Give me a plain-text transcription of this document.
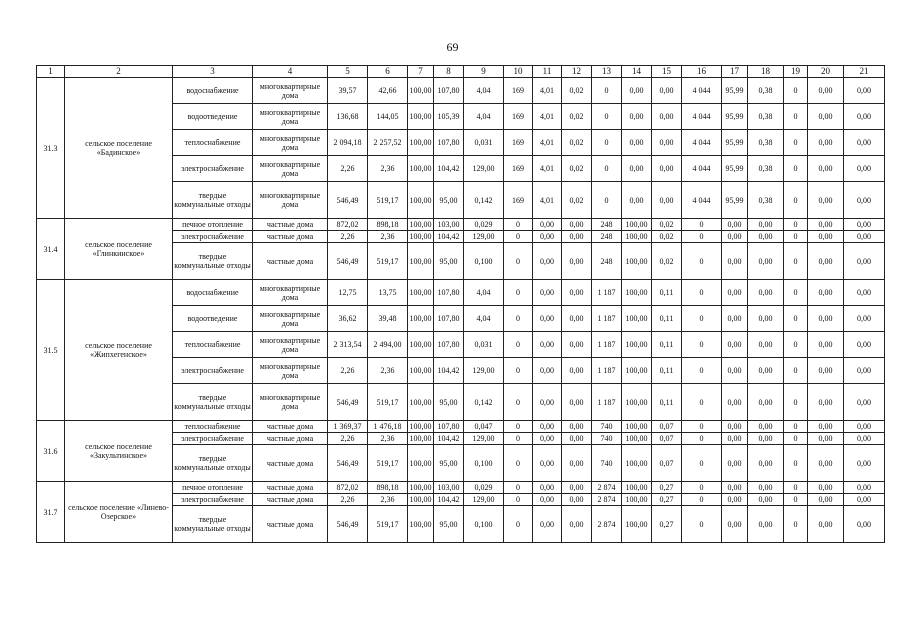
69
1	2	3	4	5	6	7	8	9	10	11	12	13	14	15	16	17	18	19	20	21
31.3	сельское поселение «Бадинское»	водоснабжение	многоквартирные дома	39,57	42,66	100,00	107,80	4,04	169	4,01	0,02	0	0,00	0,00	4 044	95,99	0,38	0	0,00	0,00
		водоотведение	многоквартирные дома	136,68	144,05	100,00	105,39	4,04	169	4,01	0,02	0	0,00	0,00	4 044	95,99	0,38	0	0,00	0,00
		теплоснабжение	многоквартирные дома	2 094,18	2 257,52	100,00	107,80	0,031	169	4,01	0,02	0	0,00	0,00	4 044	95,99	0,38	0	0,00	0,00
		электроснабжение	многоквартирные дома	2,26	2,36	100,00	104,42	129,00	169	4,01	0,02	0	0,00	0,00	4 044	95,99	0,38	0	0,00	0,00
		твердые коммунальные отходы	многоквартирные дома	546,49	519,17	100,00	95,00	0,142	169	4,01	0,02	0	0,00	0,00	4 044	95,99	0,38	0	0,00	0,00
31.4	сельское поселение «Глинкинское»	печное отопление	частные дома	872,02	898,18	100,00	103,00	0,029	0	0,00	0,00	248	100,00	0,02	0	0,00	0,00	0	0,00	0,00
		электроснабжение	частные дома	2,26	2,36	100,00	104,42	129,00	0	0,00	0,00	248	100,00	0,02	0	0,00	0,00	0	0,00	0,00
		твердые коммунальные отходы	частные дома	546,49	519,17	100,00	95,00	0,100	0	0,00	0,00	248	100,00	0,02	0	0,00	0,00	0	0,00	0,00
31.5	сельское поселение «Жипхегенское»	водоснабжение	многоквартирные дома	12,75	13,75	100,00	107,80	4,04	0	0,00	0,00	1 187	100,00	0,11	0	0,00	0,00	0	0,00	0,00
		водоотведение	многоквартирные дома	36,62	39,48	100,00	107,80	4,04	0	0,00	0,00	1 187	100,00	0,11	0	0,00	0,00	0	0,00	0,00
		теплоснабжение	многоквартирные дома	2 313,54	2 494,00	100,00	107,80	0,031	0	0,00	0,00	1 187	100,00	0,11	0	0,00	0,00	0	0,00	0,00
		электроснабжение	многоквартирные дома	2,26	2,36	100,00	104,42	129,00	0	0,00	0,00	1 187	100,00	0,11	0	0,00	0,00	0	0,00	0,00
		твердые коммунальные отходы	многоквартирные дома	546,49	519,17	100,00	95,00	0,142	0	0,00	0,00	1 187	100,00	0,11	0	0,00	0,00	0	0,00	0,00
31.6	сельское поселение «Закультинское»	теплоснабжение	частные дома	1 369,37	1 476,18	100,00	107,80	0,047	0	0,00	0,00	740	100,00	0,07	0	0,00	0,00	0	0,00	0,00
		электроснабжение	частные дома	2,26	2,36	100,00	104,42	129,00	0	0,00	0,00	740	100,00	0,07	0	0,00	0,00	0	0,00	0,00
		твердые коммунальные отходы	частные дома	546,49	519,17	100,00	95,00	0,100	0	0,00	0,00	740	100,00	0,07	0	0,00	0,00	0	0,00	0,00
31.7	сельское поселение «Линево-Озерское»	печное отопление	частные дома	872,02	898,18	100,00	103,00	0,029	0	0,00	0,00	2 874	100,00	0,27	0	0,00	0,00	0	0,00	0,00
		электроснабжение	частные дома	2,26	2,36	100,00	104,42	129,00	0	0,00	0,00	2 874	100,00	0,27	0	0,00	0,00	0	0,00	0,00
		твердые коммунальные отходы	частные дома	546,49	519,17	100,00	95,00	0,100	0	0,00	0,00	2 874	100,00	0,27	0	0,00	0,00	0	0,00	0,00
